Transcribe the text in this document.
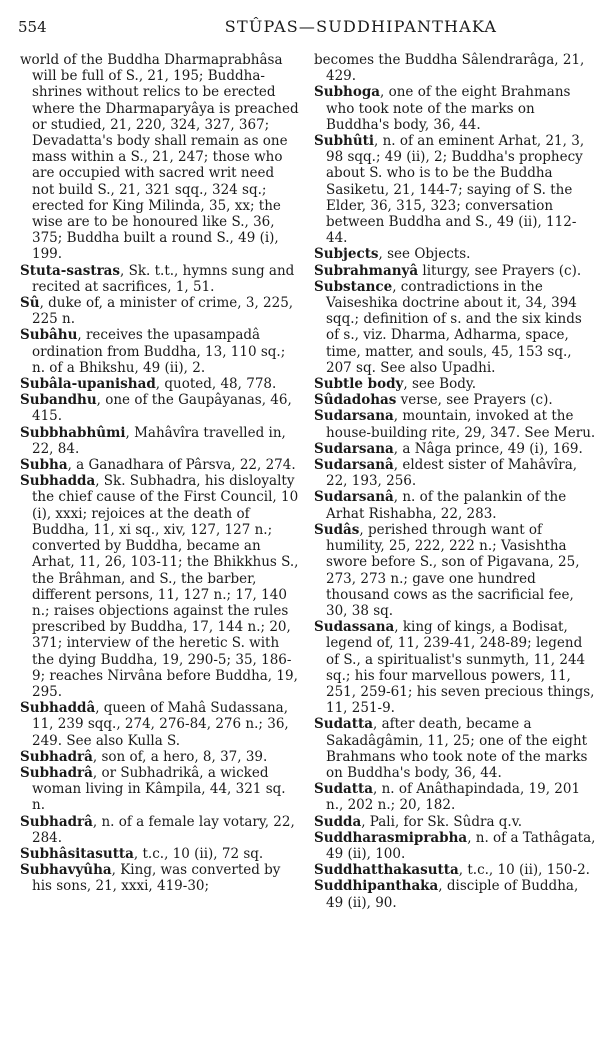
554	STÛPAS—SUDDHIPANTHAKA

world of the Buddha Dharmaprabhâsa will be full of S., 21, 195; Buddha-shrines without relics to be erected where the Dharmaparyâya is preached or studied, 21, 220, 324, 327, 367; Devadatta's body shall remain as one mass within a S., 21, 247; those who are occupied with sacred writ need not build S., 21, 321 sqq., 324 sq.; erected for King Milinda, 35, xx; the wise are to be honoured like S., 36, 375; Buddha built a round S., 49 (i), 199.

Stuta-sastras, Sk. t.t., hymns sung and recited at sacrifices, 1, 51.

Sû, duke of, a minister of crime, 3, 225, 225 n.

Subâhu, receives the upasampadâ ordination from Buddha, 13, 110 sq.; n. of a Bhikshu, 49 (ii), 2.

Subâla-upanishad, quoted, 48, 778.

Subandhu, one of the Gaupâyanas, 46, 415.

Subbhabhûmi, Mahâvîra travelled in, 22, 84.

Subha, a Ganadhara of Pârsva, 22, 274.

Subhadda, Sk. Subhadra, his disloyalty the chief cause of the First Council, 10 (i), xxxi; rejoices at the death of Buddha, 11, xi sq., xiv, 127, 127 n.; converted by Buddha, became an Arhat, 11, 26, 103-11; the Bhikkhus S., the Brâhman, and S., the barber, different persons, 11, 127 n.; 17, 140 n.; raises objections against the rules prescribed by Buddha, 17, 144 n.; 20, 371; interview of the heretic S. with the dying Buddha, 19, 290-5; 35, 186-9; reaches Nirvâna before Buddha, 19, 295.

Subhaddâ, queen of Mahâ Sudassana, 11, 239 sqq., 274, 276-84, 276 n.; 36, 249. See also Kulla S.

Subhadrâ, son of, a hero, 8, 37, 39.

Subhadrâ, or Subhadrikâ, a wicked woman living in Kâmpila, 44, 321 sq. n.

Subhadrâ, n. of a female lay votary, 22, 284.

Subhâsitasutta, t.c., 10 (ii), 72 sq.

Subhavyûha, King, was converted by his sons, 21, xxxi, 419-30;

becomes the Buddha Sâlendrarâga, 21, 429.

Subhoga, one of the eight Brahmans who took note of the marks on Buddha's body, 36, 44.

Subhûti, n. of an eminent Arhat, 21, 3, 98 sqq.; 49 (ii), 2; Buddha's prophecy about S. who is to be the Buddha Sasiketu, 21, 144-7; saying of S. the Elder, 36, 315, 323; conversation between Buddha and S., 49 (ii), 112-44.

Subjects, see Objects.

Subrahmanyâ liturgy, see Prayers (c).

Substance, contradictions in the Vaiseshika doctrine about it, 34, 394 sqq.; definition of s. and the six kinds of s., viz. Dharma, Adharma, space, time, matter, and souls, 45, 153 sq., 207 sq. See also Upadhi.

Subtle body, see Body.

Sûdadohas verse, see Prayers (c).

Sudarsana, mountain, invoked at the house-building rite, 29, 347. See Meru.

Sudarsana, a Nâga prince, 49 (i), 169.

Sudarsanâ, eldest sister of Mahâvîra, 22, 193, 256.

Sudarsanâ, n. of the palankin of the Arhat Rishabha, 22, 283.

Sudâs, perished through want of humility, 25, 222, 222 n.; Vasishtha swore before S., son of Pigavana, 25, 273, 273 n.; gave one hundred thousand cows as the sacrificial fee, 30, 38 sq.

Sudassana, king of kings, a Bodisat, legend of, 11, 239-41, 248-89; legend of S., a spiritualist's sunmyth, 11, 244 sq.; his four marvellous powers, 11, 251, 259-61; his seven precious things, 11, 251-9.

Sudatta, after death, became a Sakadâgâmin, 11, 25; one of the eight Brahmans who took note of the marks on Buddha's body, 36, 44.

Sudatta, n. of Anâthapindada, 19, 201 n., 202 n.; 20, 182.

Sudda, Pali, for Sk. Sûdra q.v.

Suddharasmiprabha, n. of a Tathâgata, 49 (ii), 100.

Suddhatthakasutta, t.c., 10 (ii), 150-2.

Suddhipanthaka, disciple of Buddha, 49 (ii), 90.
